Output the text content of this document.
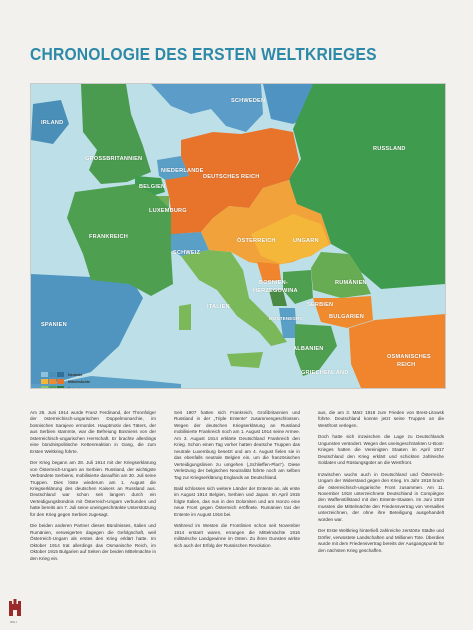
CHRONOLOGIE DES ERSTEN WELTKRIEGES
SCHWEDEN
IRLAND
GROSSBRITANNIEN
NIEDERLANDE
DEUTSCHES REICH
RUSSLAND
BELGIEN
LUXEMBURG
FRANKREICH
ÖSTERREICH	UNGARN
SCHWEIZ
ITALIEN
BOSNIEN-
HERZEGOWINA
MONTENEGRO
SERBIEN
RUMÄNIEN
BULGARIEN
ALBANIEN
SPANIEN
GRIECHENLAND
OSMANISCHES
REICH
Neutrale
Mittelmächte
Entente

Am 28. Juni 1914 wurde Franz Ferdinand, der Thronfolger der österreichisch-ungarischen Doppelmonarchie, im bosnischen Sarajevo ermordet. Hauptmotiv des Täters, der aus Serbien stammte, war die Befreiung Bosniens von der österreichisch-ungarischen Herrschaft. Er brachte allerdings eine bündnispolitische Kettenreaktion in Gang, die zum Ersten Weltkrieg führte.

Der Krieg begann am 28. Juli 1914 mit der Kriegserklärung von Österreich-Ungarn an Serbien. Russland, der wichtigste Verbündete Serbiens, mobilisierte daraufhin am 30. Juli seine Truppen. Dies löste wiederum am 1. August die Kriegserklärung des deutschen Kaisers an Russland aus. Deutschland war schon seit langem durch ein Verteidigungsbündnis mit Österreich-Ungarn verbunden und hatte bereits am 7. Juli seine uneingeschränkte Unterstützung für den Krieg gegen Serbien zugesagt.

Die beiden anderen Partner dieses Bündnisses, Italien und Rumänien, verweigerten dagegen die Gefolgschaft, weil Österreich-Ungarn als erstes den Krieg erklärt hatte. Im Oktober 1914 trat allerdings das Osmanische Reich, im Oktober 1915 Bulgarien auf Seiten der beiden Mittelmächte in den Krieg ein.

Seit 1907 hatten sich Frankreich, Großbritannien und Russland in der „Triple Entente“ zusammengeschlossen. Wegen der deutschen Kriegserklärung an Russland mobilisierte Frankreich noch am 1. August 1914 seine Armee. Am 3. August 1914 erklärte Deutschland Frankreich den Krieg. Schon einen Tag vorher hatten deutsche Truppen das neutrale Luxemburg besetzt und am 4. August fielen sie in das ebenfalls neutrale Belgien ein, um die französischen Verteidigungslinien zu umgehen („Schlieffen-Plan“). Diese Verletzung der belgischen Neutralität führte noch am selben Tag zur Kriegserklärung Englands an Deutschland.

Bald schlossen sich weitere Länder der Entente an, als erste im August 1914 Belgien, Serbien und Japan. Im April 1915 folgte Italien, das nun in den Dolomiten und am Isonzo eine neue Front gegen Österreich eröffnete. Rumänien trat der Entente im August 1916 bei.

Während im Westen die Frontlinien schon seit November 1914 erstarrt waren, errangen die Mittelmächte 1916 militärische Landgewinne im Osten. Zu ihren Gunsten wirkte sich auch der Erfolg der Russischen Revolution

aus, die am 3. März 1918 zum Frieden von Brest-Litowsk führte. Deutschland konnte jetzt seine Truppen an die Westfront verlegen.

Doch hatte sich inzwischen die Lage zu Deutschlands Ungunsten verändert. Wegen des uneingeschränkten U-Boot-Krieges hatten die Vereinigten Staaten im April 1917 Deutschland den Krieg erklärt und schickten zahlreiche Soldaten und Rüstungsgüter an die Westfront.

Inzwischen wuchs auch in Deutschland und Österreich-Ungarn der Widerstand gegen den Krieg. Im Jahr 1918 brach die österreichisch-ungarische Front zusammen. Am 11. November 1918 unterzeichnete Deutschland in Compiègne den Waffenstillstand mit den Entente-Staaten. Im Juni 1919 mussten die Mittelmächte den Friedensvertrag von Versailles unterzeichnen, der ohne ihre Beteiligung ausgehandelt worden war.

Der Erste Weltkrieg hinterließ zahlreiche zerstörte Städte und Dörfer, verwüstete Landschaften und Millionen Tote. Überdies wurde mit dem Friedensvertrag bereits der Ausgangspunkt für den nächsten Krieg geschaffen.

WG.I
